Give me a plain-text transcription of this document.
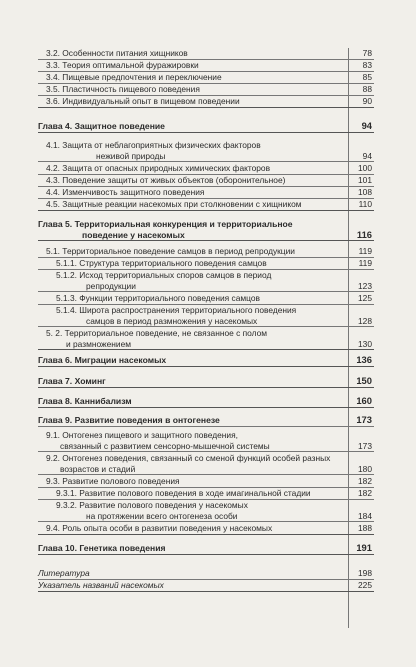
3.2. Особенности питания хищников	78
3.3. Теория оптимальной фуражировки	83
3.4. Пищевые предпочтения и переключение	85
3.5. Пластичность пищевого поведения	88
3.6. Индивидуальный опыт в пищевом поведении	90
Глава 4. Защитное поведение	94
4.1. Защита от неблагоприятных физических факторов
неживой природы	94
4.2. Защита от опасных природных химических факторов	100
4.3. Поведение защиты от живых объектов (оборонительное)	101
4.4. Изменчивость защитного поведения	108
4.5. Защитные реакции насекомых при столкновении с хищником	110
Глава 5. Территориальная конкуренция и территориальное
поведение у насекомых	116
5.1. Территориальное поведение самцов в период репродукции	119
5.1.1. Структура территориального поведения самцов	119
5.1.2. Исход территориальных споров самцов в период
репродукции	123
5.1.3. Функции территориального поведения самцов	125
5.1.4. Широта распространения территориального поведения
самцов в период размножения у насекомых	128
5. 2. Территориальное поведение, не связанное с полом
и размножением	130
Глава 6. Миграции насекомых	136
Глава 7. Хоминг	150
Глава 8. Каннибализм	160
Глава 9. Развитие поведения в онтогенезе	173
9.1. Онтогенез пищевого и защитного поведения,
связанный с развитием сенсорно-мышечной системы	173
9.2. Онтогенез поведения, связанный со сменой функций особей разных
возрастов и стадий	180
9.3. Развитие полового поведения	182
9.3.1. Развитие полового поведения в ходе имагинальной стадии	182
9.3.2. Развитие полового поведения у насекомых
на протяжении всего онтогенеза особи	184
9.4. Роль опыта особи в развитии поведения у насекомых	188
Глава 10. Генетика поведения	191
Литература	198
Указатель названий насекомых	225
